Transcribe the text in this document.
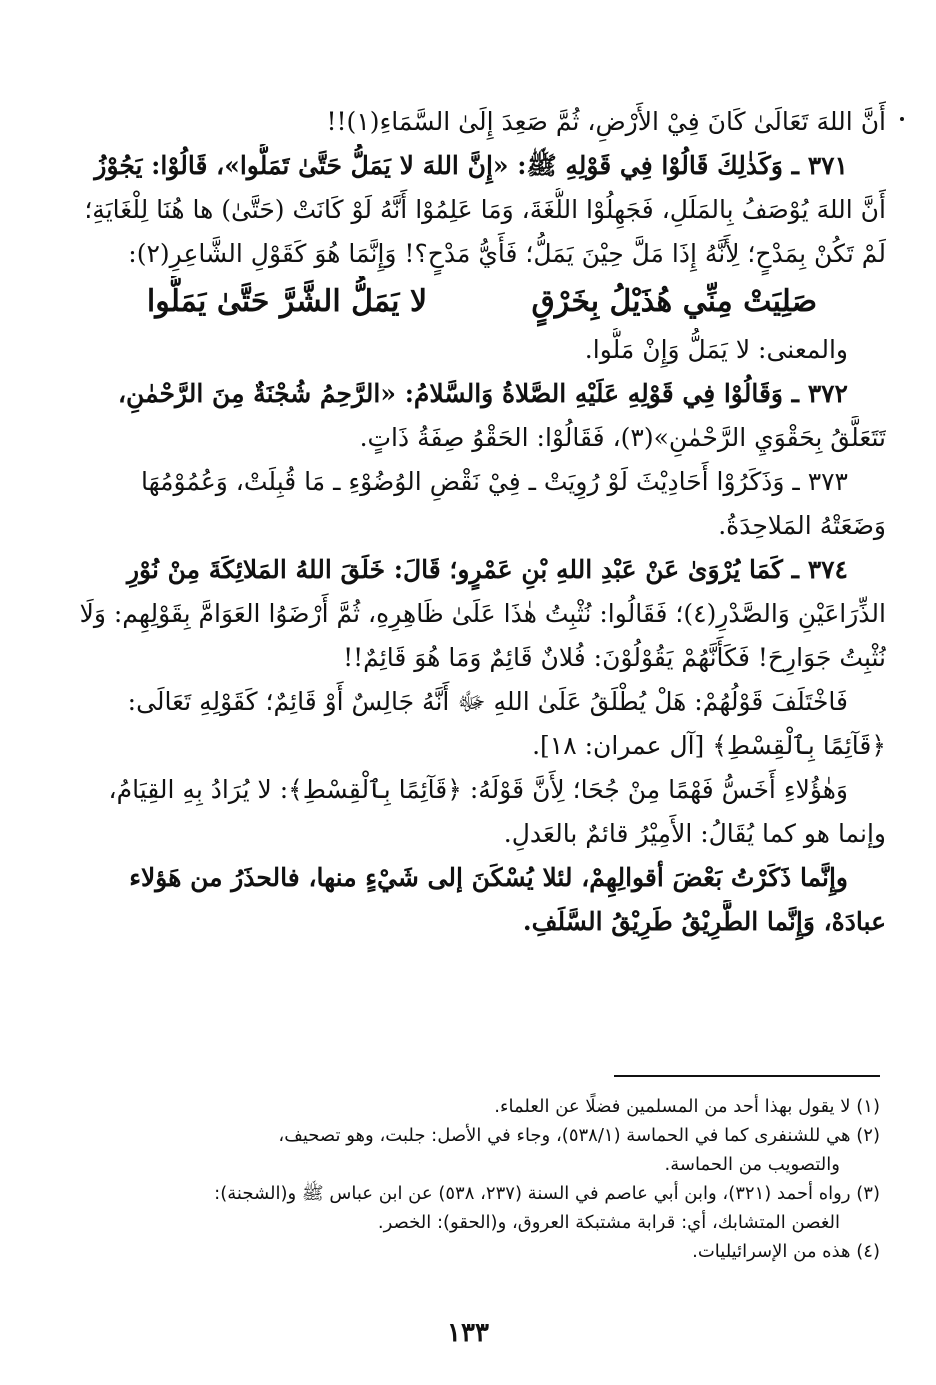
أَنَّ اللهَ تَعَالَىٰ كَانَ فِيْ الأَرْضِ، ثُمَّ صَعِدَ إِلَىٰ السَّمَاءِ(١)!!
٣٧١ ـ وَكَذٰلِكَ قَالُوْا فِي قَوْلِهِ ﷺ: «إِنَّ اللهَ لا يَمَلُّ حَتَّىٰ تَمَلُّوا»، قَالُوْا: يَجُوْزُ
أَنَّ اللهَ يُوْصَفُ بِالمَلَلِ، فَجَهِلُوْا اللُّغَةَ، وَمَا عَلِمُوْا أَنَّهُ لَوْ كَانَتْ (حَتَّىٰ) ها هُنَا لِلْغَايَةِ؛
لَمْ تَكُنْ بِمَدْحٍ؛ لِأَنَّهُ إِذَا مَلَّ حِيْنَ يَمَلُّ؛ فَأَيُّ مَدْحٍ؟! وَإِنَّمَا هُوَ كَقَوْلِ الشَّاعِرِ(٢):
صَلِيَتْ مِنِّي هُذَيْلُ بِخَرْقٍ          لا يَمَلُّ الشَّرَّ حَتَّىٰ يَمَلُّوا
والمعنى: لا يَمَلُّ وَإِنْ مَلُّوا.
٣٧٢ ـ وَقَالُوْا فِي قَوْلِهِ عَلَيْهِ الصَّلاةُ وَالسَّلامُ: «الرَّحِمُ شُجْنَةٌ مِنَ الرَّحْمٰنِ،
تَتَعَلَّقُ بِحَقْوَيِ الرَّحْمٰنِ»(٣)، فَقَالُوْا: الحَقْوُ صِفَةُ ذَاتٍ.
٣٧٣ ـ وَذَكَرُوْا أَحَادِيْثَ لَوْ رُوِيَتْ ـ فِيْ نَقْضِ الوُضُوْءِ ـ مَا قُبِلَتْ، وَعُمُوْمُهَا
وَضَعَتْهُ المَلاحِدَةُ.
٣٧٤ ـ كَمَا يُرْوَىٰ عَنْ عَبْدِ اللهِ بْنِ عَمْرٍو؛ قَالَ: خَلَقَ اللهُ المَلائِكَةَ مِنْ نُوْرِ
الذِّرَاعَيْنِ وَالصَّدْرِ(٤)؛ فَقَالُوا: نُثْبِتُ هٰذَا عَلَىٰ ظَاهِرِهِ، ثُمَّ أَرْضَوُا العَوَامَّ بِقَوْلِهِم: وَلَا
نُثْبِتُ جَوَارِحَ! فَكَأَنَّهُمْ يَقُوْلُوْنَ: فُلانٌ قَائِمٌ وَمَا هُوَ قَائِمٌ!!
فَاخْتَلَفَ قَوْلُهُمْ: هَلْ يُطْلَقُ عَلَىٰ اللهِ ﷻ أَنَّهُ جَالِسٌ أَوْ قَائِمٌ؛ كَقَوْلِهِ تَعَالَى:
﴿قَآئِمًا بِٱلْقِسْطِ﴾ [آل عمران: ١٨].
وَهٰؤُلاءِ أَخَسُّ فَهْمًا مِنْ جُحَا؛ لِأَنَّ قَوْلَهُ: ﴿قَآئِمًا بِٱلْقِسْطِ﴾: لا يُرَادُ بِهِ القِيَامُ،
وإنما هو كما يُقَالُ: الأَمِيْرُ قائمٌ بالعَدلِ.
وإِنَّما ذَكَرْتُ بَعْضَ أقوالِهِمْ، لئلا يُسْكَنَ إلى شَيْءٍ منها، فالحذَرُ من هَؤلاء
عبادَهْ، وَإِنَّما الطَّرِيْقُ طَرِيْقُ السَّلَفِ.
(١) لا يقول بهذا أحد من المسلمين فضلًا عن العلماء.
(٢) هي للشنفرى كما في الحماسة (٥٣٨/١)، وجاء في الأصل: جلبت، وهو تصحيف،
والتصويب من الحماسة.
(٣) رواه أحمد (٣٢١)، وابن أبي عاصم في السنة (٢٣٧، ٥٣٨) عن ابن عباس ﷺ و(الشجنة):
الغصن المتشابك، أي: قرابة مشتبكة العروق، و(الحقو): الخصر.
(٤) هذه من الإسرائيليات.
١٣٣
